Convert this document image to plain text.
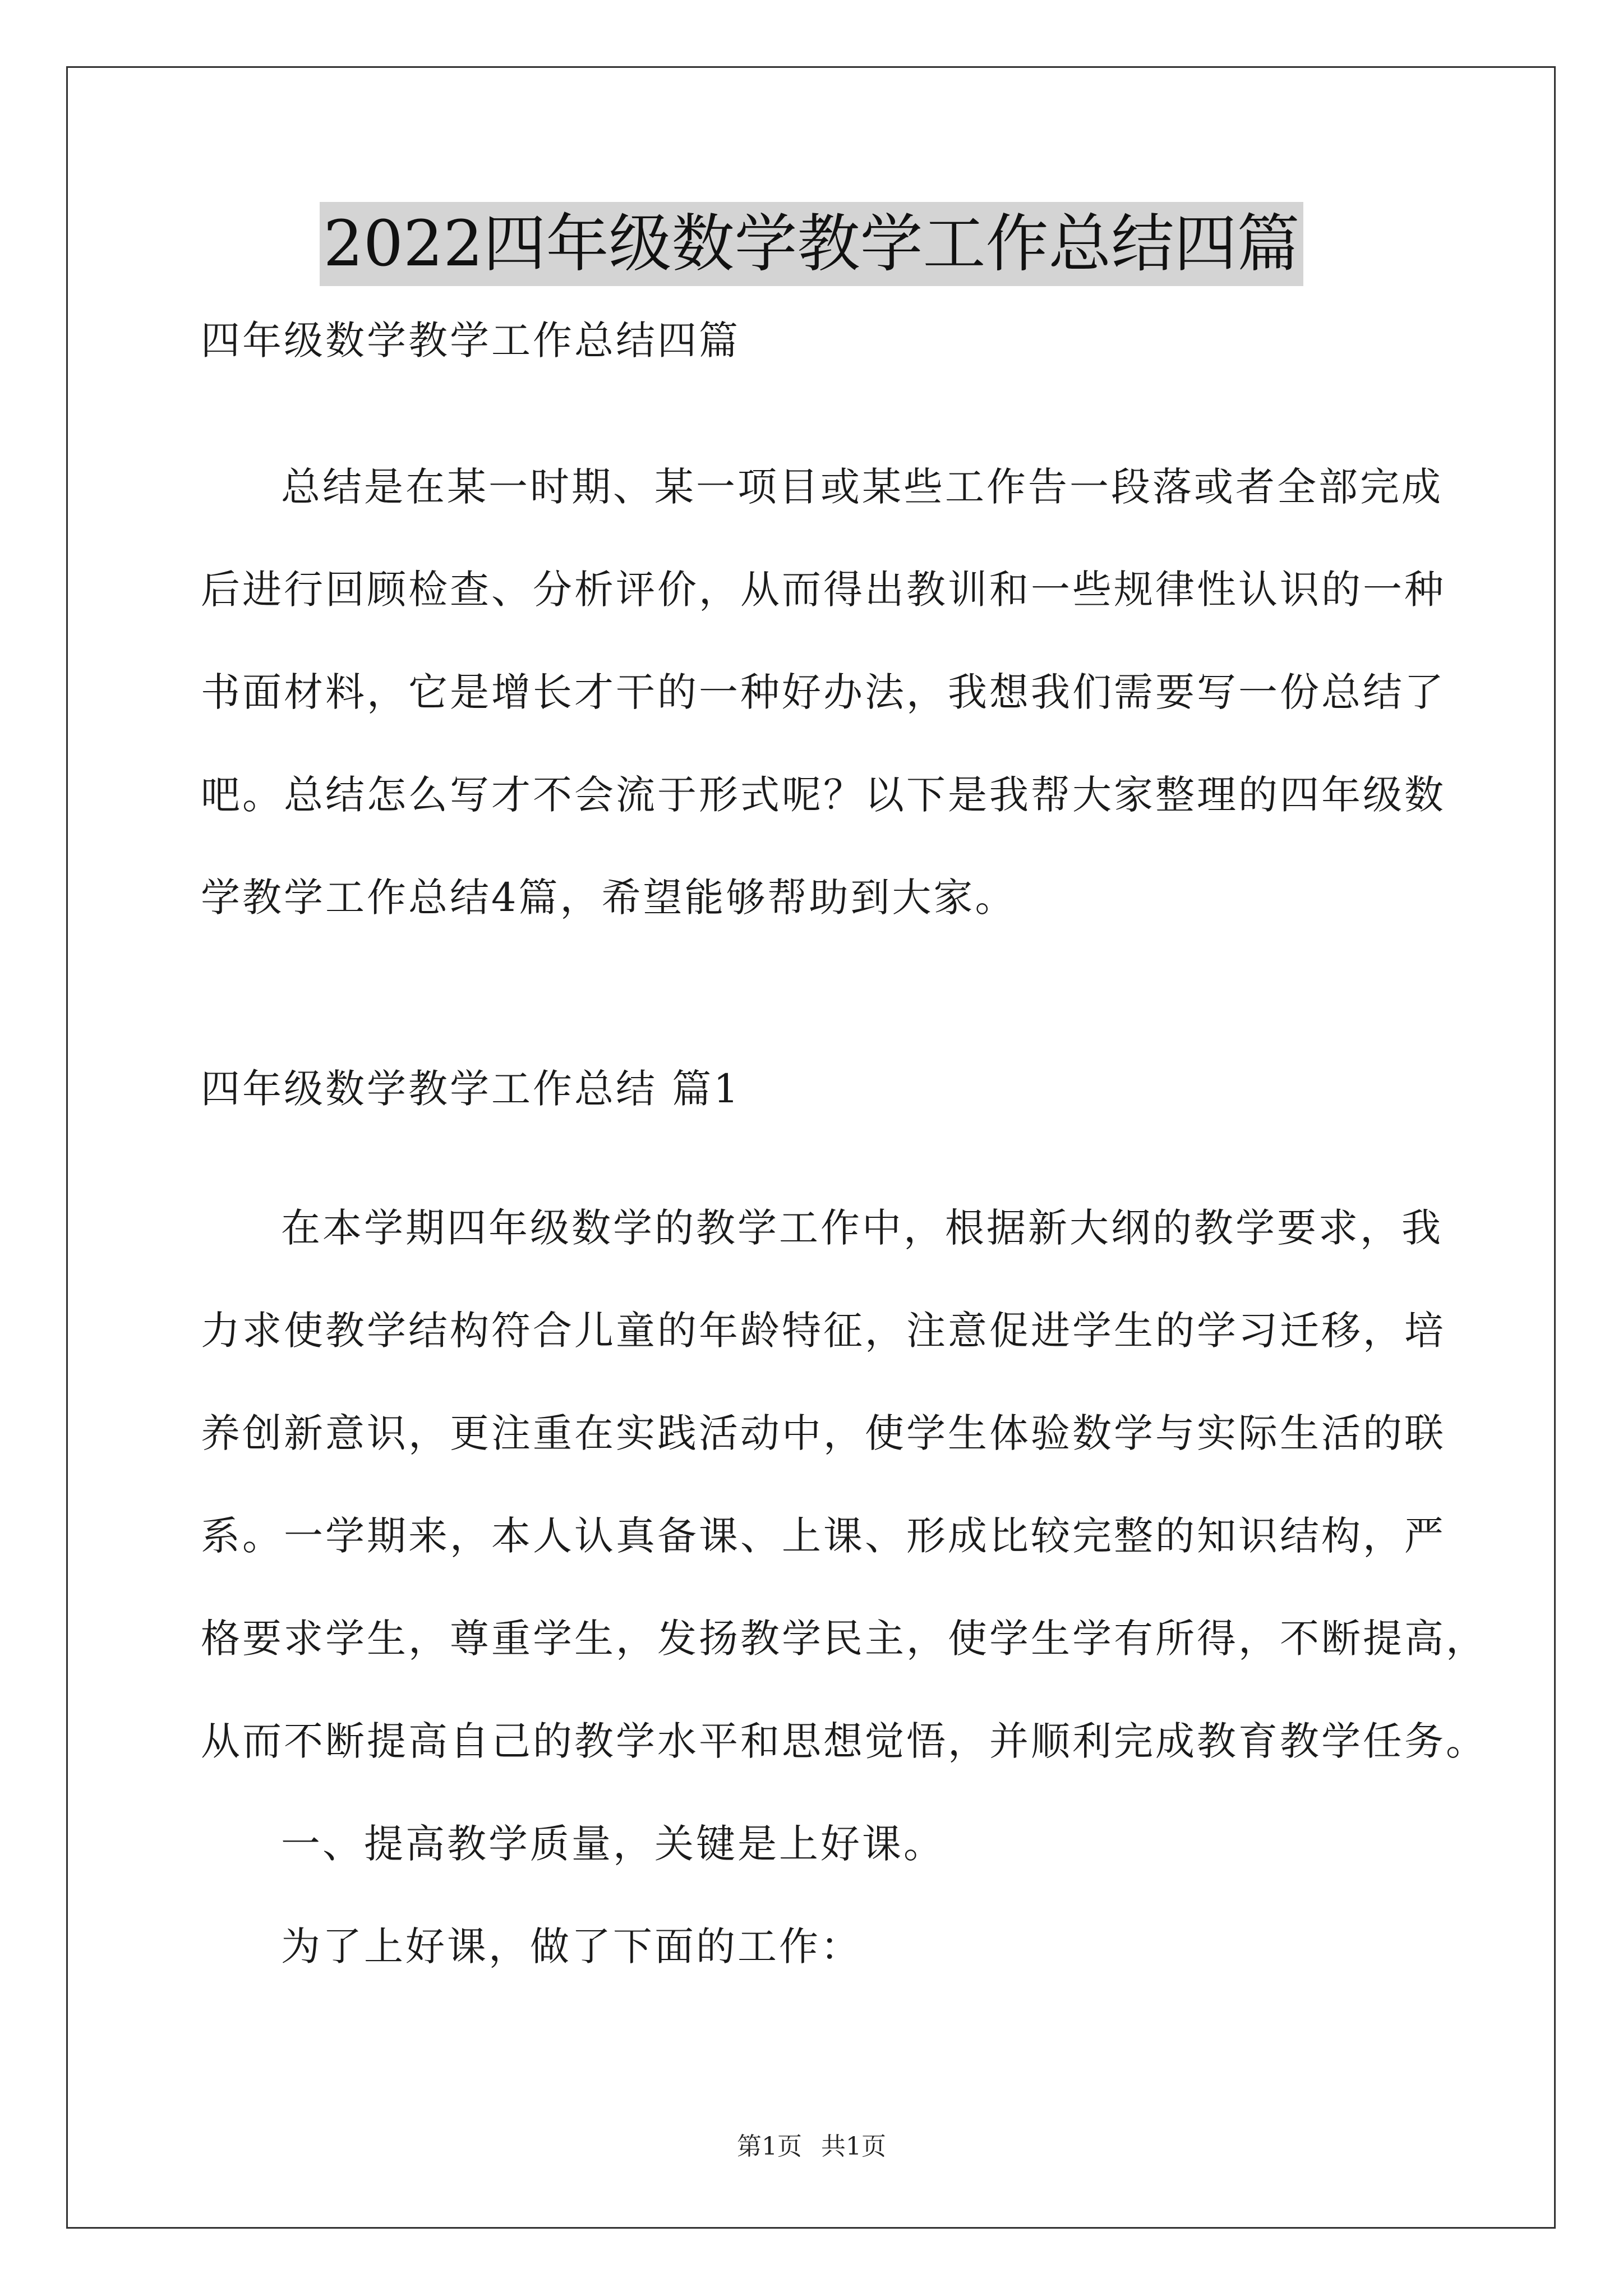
2022四年级数学教学工作总结四篇
四年级数学教学工作总结四篇
总结是在某一时期、某一项目或某些工作告一段落或者全部完成
后进行回顾检查、分析评价，从而得出教训和一些规律性认识的一种
书面材料，它是增长才干的一种好办法，我想我们需要写一份总结了
吧。总结怎么写才不会流于形式呢？以下是我帮大家整理的四年级数
学教学工作总结4篇，希望能够帮助到大家。
四年级数学教学工作总结 篇1
在本学期四年级数学的教学工作中，根据新大纲的教学要求，我
力求使教学结构符合儿童的年龄特征，注意促进学生的学习迁移，培
养创新意识，更注重在实践活动中，使学生体验数学与实际生活的联
系。一学期来，本人认真备课、上课、形成比较完整的知识结构，严
格要求学生，尊重学生，发扬教学民主，使学生学有所得，不断提高，
从而不断提高自己的教学水平和思想觉悟，并顺利完成教育教学任务。
一、提高教学质量，关键是上好课。
为了上好课，做了下面的工作：
第1页 共1页
